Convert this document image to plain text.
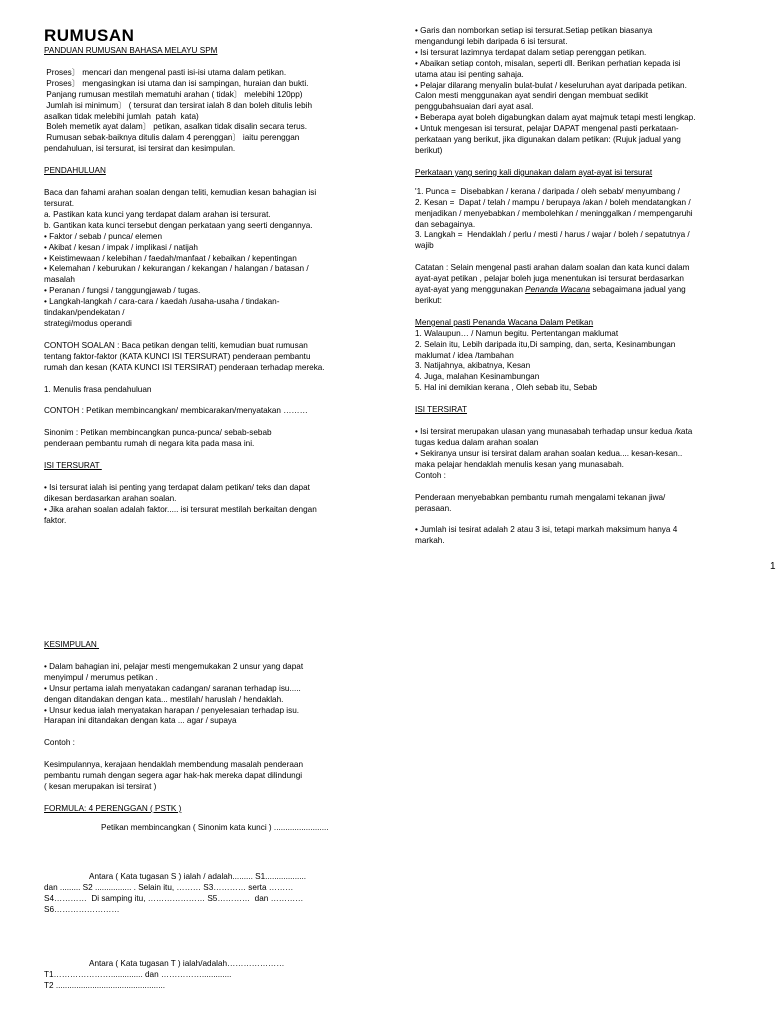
RUMUSAN
PANDUAN RUMUSAN BAHASA MELAYU SPM

Proses〕 mencari dan mengenal pasti isi-isi utama dalam petikan.

Proses〕 mengasingkan isi utama dan isi sampingan, huraian dan bukti.

Panjang rumusan mestilah mematuhi arahan ( tidak〕 melebihi 120pp)

Jumlah isi minimum〕 ( tersurat dan tersirat ialah 8 dan boleh ditulis lebih

asalkan tidak melebihi jumlah  patah  kata)

Boleh memetik ayat dalam〕 petikan, asalkan tidak disalin secara terus.

Rumusan sebak-baiknya ditulis dalam 4 perenggan〕 iaitu perenggan

pendahuluan, isi tersurat, isi tersirat dan kesimpulan.

PENDAHULUAN

Baca dan fahami arahan soalan dengan teliti, kemudian kesan bahagian isi

tersurat.

a. Pastikan kata kunci yang terdapat dalam arahan isi tersurat.

b. Gantikan kata kunci tersebut dengan perkataan yang seerti dengannya.

• Faktor / sebab / punca/ elemen

• Akibat / kesan / impak / implikasi / natijah

• Keistimewaan / kelebihan / faedah/manfaat / kebaikan / kepentingan

• Kelemahan / keburukan / kekurangan / kekangan / halangan / batasan /

masalah

• Peranan / fungsi / tanggungjawab / tugas.

• Langkah-langkah / cara-cara / kaedah /usaha-usaha / tindakan-

tindakan/pendekatan /

strategi/modus operandi

CONTOH SOALAN : Baca petikan dengan teliti, kemudian buat rumusan

tentang faktor-faktor (KATA KUNCI ISI TERSURAT) penderaan pembantu

rumah dan kesan (KATA KUNCI ISI TERSIRAT) penderaan terhadap mereka.

1. Menulis frasa pendahuluan

CONTOH : Petikan membincangkan/ membicarakan/menyatakan ………

Sinonim : Petikan membincangkan punca-punca/ sebab-sebab

penderaan pembantu rumah di negara kita pada masa ini.

ISI TERSURAT

• Isi tersurat ialah isi penting yang terdapat dalam petikan/ teks dan dapat

dikesan berdasarkan arahan soalan.

• Jika arahan soalan adalah faktor..... isi tersurat mestilah berkaitan dengan

faktor.

• Garis dan nomborkan setiap isi tersurat.Setiap petikan biasanya

mengandungi lebih daripada 6 isi tersurat.

• Isi tersurat lazimnya terdapat dalam setiap perenggan petikan.

• Abaikan setiap contoh, misalan, seperti dll. Berikan perhatian kepada isi

utama atau isi penting sahaja.

• Pelajar dilarang menyalin bulat-bulat / keseluruhan ayat daripada petikan.

Calon mesti menggunakan ayat sendiri dengan membuat sedikit

penggubahsuaian dari ayat asal.

• Beberapa ayat boleh digabungkan dalam ayat majmuk tetapi mesti lengkap.

• Untuk mengesan isi tersurat, pelajar DAPAT mengenal pasti perkataan-

perkataan yang berikut, jika digunakan dalam petikan: (Rujuk jadual yang

berikut)

Perkataan yang sering kali digunakan dalam ayat-ayat isi tersurat

'1. Punca =  Disebabkan / kerana / daripada / oleh sebab/ menyumbang /

2. Kesan =  Dapat / telah / mampu / berupaya /akan / boleh mendatangkan /

menjadikan / menyebabkan / membolehkan / meninggalkan / mempengaruhi

dan sebagainya.

3. Langkah =  Hendaklah / perlu / mesti / harus / wajar / boleh / sepatutnya /

wajib

Catatan : Selain mengenal pasti arahan dalam soalan dan kata kunci dalam

ayat-ayat petikan , pelajar boleh juga menentukan isi tersurat berdasarkan

ayat-ayat yang menggunakan Penanda Wacana sebagaimana jadual yang

berikut:

Mengenal pasti Penanda Wacana Dalam Petikan

1. Walaupun… / Namun begitu. Pertentangan maklumat

2. Selain itu, Lebih daripada itu,Di samping, dan, serta, Kesinambungan

maklumat / idea /tambahan

3. Natijahnya, akibatnya, Kesan

4. Juga, malahan Kesinambungan

5. Hal ini demikian kerana , Oleh sebab itu, Sebab

ISI TERSIRAT

• Isi tersirat merupakan ulasan yang munasabah terhadap unsur kedua /kata

tugas kedua dalam arahan soalan

• Sekiranya unsur isi tersirat dalam arahan soalan kedua.... kesan-kesan..

maka pelajar hendaklah menulis kesan yang munasabah.

Contoh :

Penderaan menyebabkan pembantu rumah mengalami tekanan jiwa/

perasaan.

• Jumlah isi tesirat adalah 2 atau 3 isi, tetapi markah maksimum hanya 4

markah.

1
KESIMPULAN

• Dalam bahagian ini, pelajar mesti mengemukakan 2 unsur yang dapat

menyimpul / merumus petikan .

• Unsur pertama ialah menyatakan cadangan/ saranan terhadap isu.....

dengan ditandakan dengan kata... mestilah/ haruslah / hendaklah.

• Unsur kedua ialah menyatakan harapan / penyelesaian terhadap isu.

Harapan ini ditandakan dengan kata ... agar / supaya

Contoh :

Kesimpulannya, kerajaan hendaklah membendung masalah penderaan

pembantu rumah dengan segera agar hak-hak mereka dapat dilindungi

( kesan merupakan isi tersirat )

FORMULA: 4 PERENGGAN ( PSTK )

Petikan membincangkan ( Sinonim kata kunci ) ........................

Antara ( Kata tugasan S ) ialah / adalah......... S1..................

dan ......... S2 ................ . Selain itu, ……… S3………… serta ………

S4…………  Di samping itu, ………………… S5…………  dan …………

S6……………………

Antara ( Kata tugasan T ) ialah/adalah…………………

T1………………….............. dan …………….............

T2 ................................................
